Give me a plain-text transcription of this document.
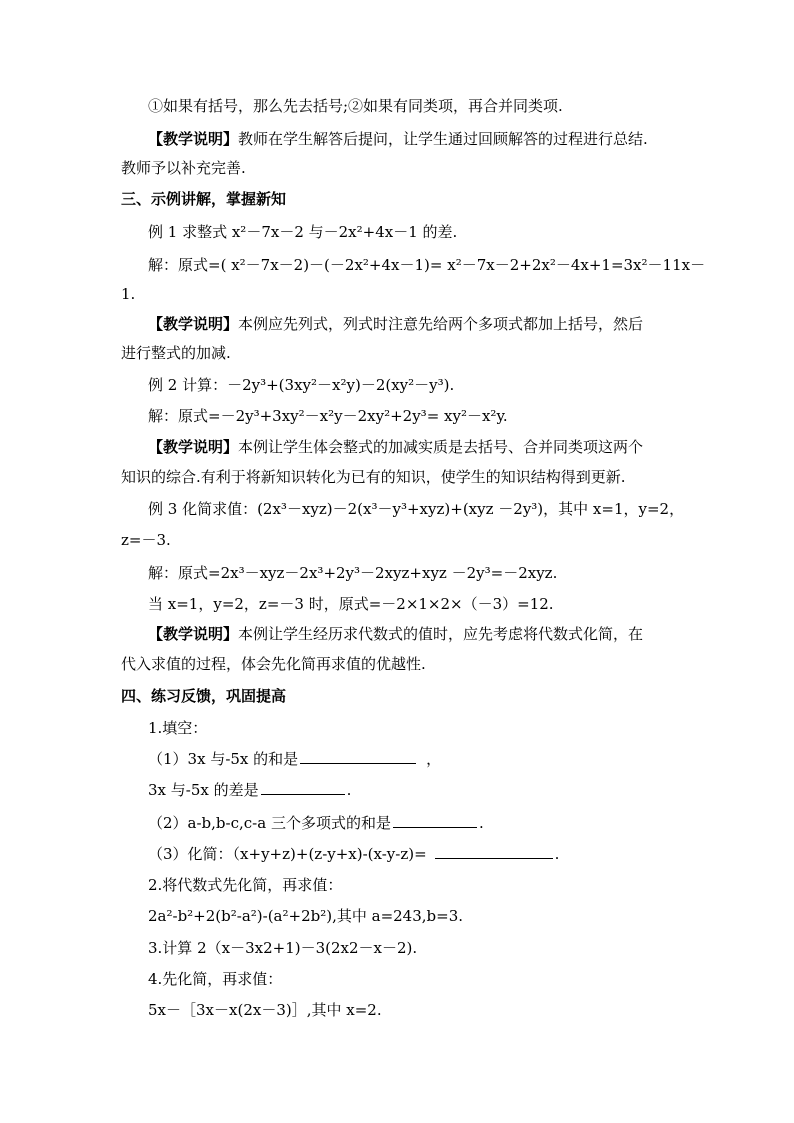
①如果有括号，那么先去括号;②如果有同类项，再合并同类项.
【教学说明】教师在学生解答后提问，让学生通过回顾解答的过程进行总结.
教师予以补充完善.
三、示例讲解，掌握新知
例 1 求整式 x²－7x－2 与－2x²+4x－1 的差.
解：原式=( x²－7x－2)－(－2x²+4x－1)= x²－7x－2+2x²－4x+1=3x²－11x－
1.
【教学说明】本例应先列式，列式时注意先给两个多项式都加上括号，然后
进行整式的加减.
例 2 计算：－2y³+(3xy²－x²y)－2(xy²－y³).
解：原式=－2y³+3xy²－x²y－2xy²+2y³= xy²－x²y.
【教学说明】本例让学生体会整式的加减实质是去括号、合并同类项这两个
知识的综合.有利于将新知识转化为已有的知识，使学生的知识结构得到更新.
例 3 化简求值：(2x³－xyz)－2(x³－y³+xyz)+(xyz －2y³)，其中 x=1，y=2，
z=－3.
解：原式=2x³－xyz－2x³+2y³－2xyz+xyz －2y³=－2xyz.
当 x=1，y=2，z=－3 时，原式=－2×1×2×（－3）=12.
【教学说明】本例让学生经历求代数式的值时，应先考虑将代数式化简，在
代入求值的过程，体会先化简再求值的优越性.
四、练习反馈，巩固提高
1.填空：
（1）3x 与-5x 的和是	，
3x 与-5x 的差是	.
（2）a-b,b-c,c-a 三个多项式的和是	.
（3）化简：（x+y+z)+(z-y+x)-(x-y-z)=	.
2.将代数式先化简，再求值：
2a²-b²+2(b²-a²)-(a²+2b²),其中 a=243,b=3.
3.计算 2（x－3x2+1)－3(2x2－x－2).
4.先化简，再求值：
5x－［3x－x(2x－3)］,其中 x=2.
